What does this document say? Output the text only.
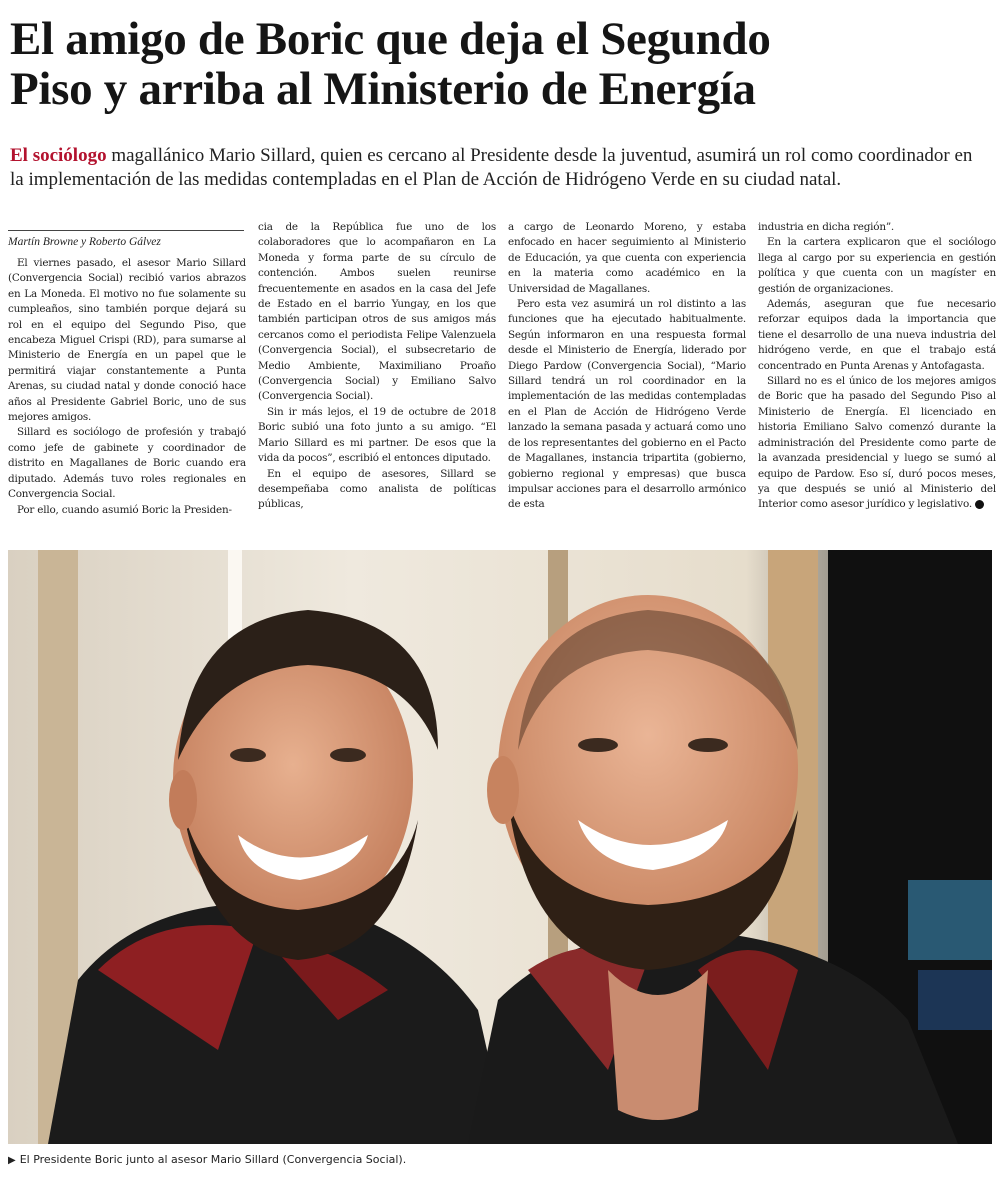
El amigo de Boric que deja el Segundo
Piso y arriba al Ministerio de Energía

El sociólogo magallánico Mario Sillard, quien es cercano al Presidente desde la juventud, asumirá un rol como coordinador en la implementación de las medidas contempladas en el Plan de Acción de Hidrógeno Verde en su ciudad natal.

Martín Browne y Roberto Gálvez

El viernes pasado, el asesor Mario Sillard (Convergencia Social) recibió varios abrazos en La Moneda. El motivo no fue solamente su cumpleaños, sino también porque dejará su rol en el equipo del Segundo Piso, que encabeza Miguel Crispi (RD), para sumarse al Ministerio de Energía en un papel que le permitirá viajar constantemente a Punta Arenas, su ciudad natal y donde conoció hace años al Presidente Gabriel Boric, uno de sus mejores amigos.

Sillard es sociólogo de profesión y trabajó como jefe de gabinete y coordinador de distrito en Magallanes de Boric cuando era diputado. Además tuvo roles regionales en Convergencia Social.

Por ello, cuando asumió Boric la Presiden-

cia de la República fue uno de los colaboradores que lo acompañaron en La Moneda y forma parte de su círculo de contención. Ambos suelen reunirse frecuentemente en asados en la casa del Jefe de Estado en el barrio Yungay, en los que también participan otros de sus amigos más cercanos como el periodista Felipe Valenzuela (Convergencia Social), el subsecretario de Medio Ambiente, Maximiliano Proaño (Convergencia Social) y Emiliano Salvo (Convergencia Social).

Sin ir más lejos, el 19 de octubre de 2018 Boric subió una foto junto a su amigo. “El Mario Sillard es mi partner. De esos que la vida da pocos”, escribió el entonces diputado.

En el equipo de asesores, Sillard se desempeñaba como analista de políticas públicas,

a cargo de Leonardo Moreno, y estaba enfocado en hacer seguimiento al Ministerio de Educación, ya que cuenta con experiencia en la materia como académico en la Universidad de Magallanes.

Pero esta vez asumirá un rol distinto a las funciones que ha ejecutado habitualmente. Según informaron en una respuesta formal desde el Ministerio de Energía, liderado por Diego Pardow (Convergencia Social), “Mario Sillard tendrá un rol coordinador en la implementación de las medidas contempladas en el Plan de Acción de Hidrógeno Verde lanzado la semana pasada y actuará como uno de los representantes del gobierno en el Pacto de Magallanes, instancia tripartita (gobierno, gobierno regional y empresas) que busca impulsar acciones para el desarrollo armónico de esta

industria en dicha región”.

En la cartera explicaron que el sociólogo llega al cargo por su experiencia en gestión política y que cuenta con un magíster en gestión de organizaciones.

Además, aseguran que fue necesario reforzar equipos dada la importancia que tiene el desarrollo de una nueva industria del hidrógeno verde, en que el trabajo está concentrado en Punta Arenas y Antofagasta.

Sillard no es el único de los mejores amigos de Boric que ha pasado del Segundo Piso al Ministerio de Energía. El licenciado en historia Emiliano Salvo comenzó durante la administración del Presidente como parte de la avanzada presidencial y luego se sumó al equipo de Pardow. Eso sí, duró pocos meses, ya que después se unió al Ministerio del Interior como asesor jurídico y legislativo.

▶ El Presidente Boric junto al asesor Mario Sillard (Convergencia Social).
